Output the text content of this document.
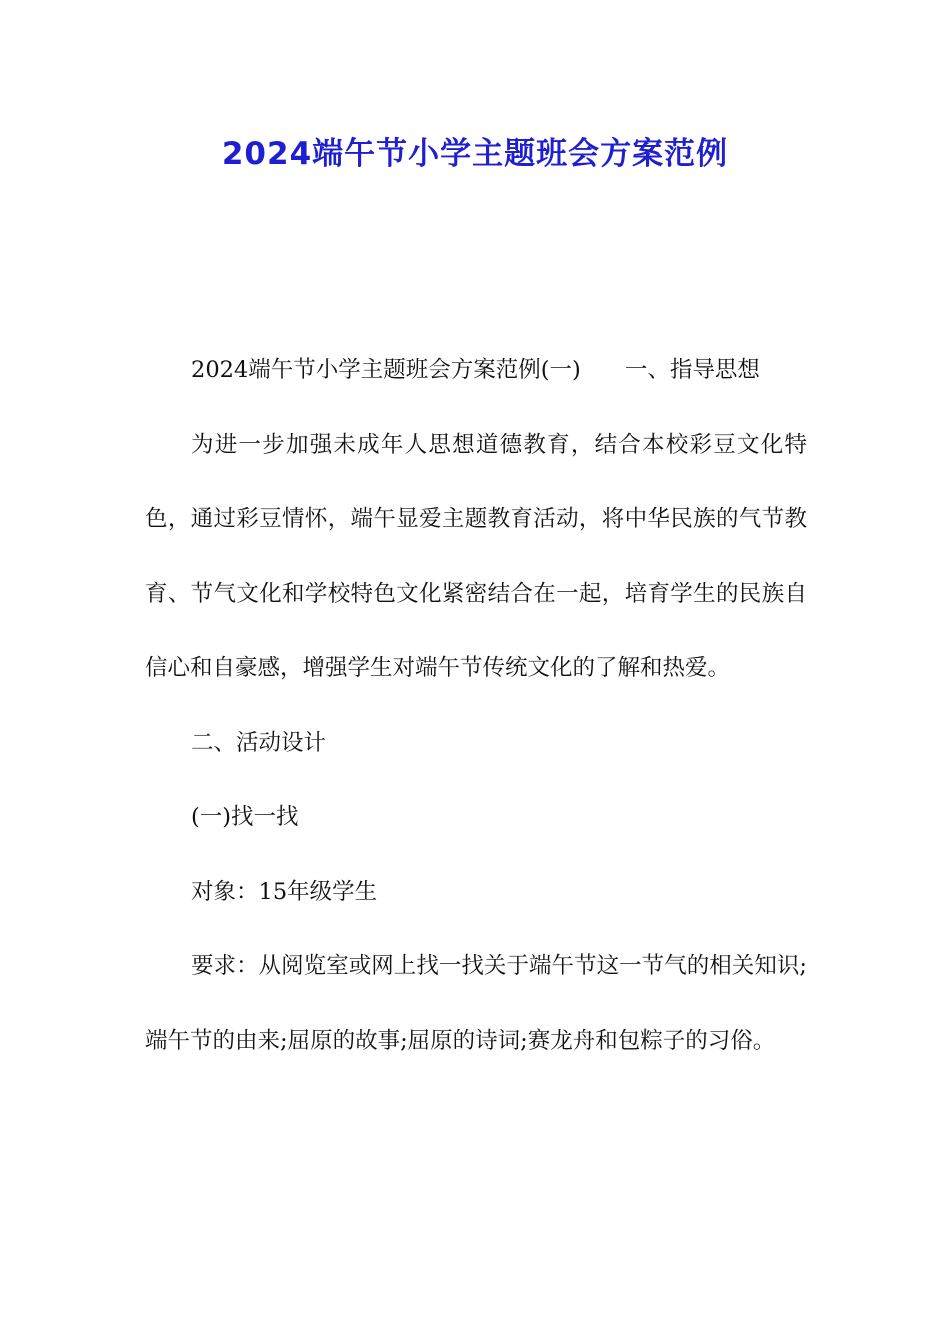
2024端午节小学主题班会方案范例

2024端午节小学主题班会方案范例(一) 一、指导思想

为进一步加强未成年人思想道德教育，结合本校彩豆文化特色，通过彩豆情怀，端午显爱主题教育活动，将中华民族的气节教育、节气文化和学校特色文化紧密结合在一起，培育学生的民族自信心和自豪感，增强学生对端午节传统文化的了解和热爱。

二、活动设计

(一)找一找

对象：15年级学生

要求：从阅览室或网上找一找关于端午节这一节气的相关知识;端午节的由来;屈原的故事;屈原的诗词;赛龙舟和包粽子的习俗。
